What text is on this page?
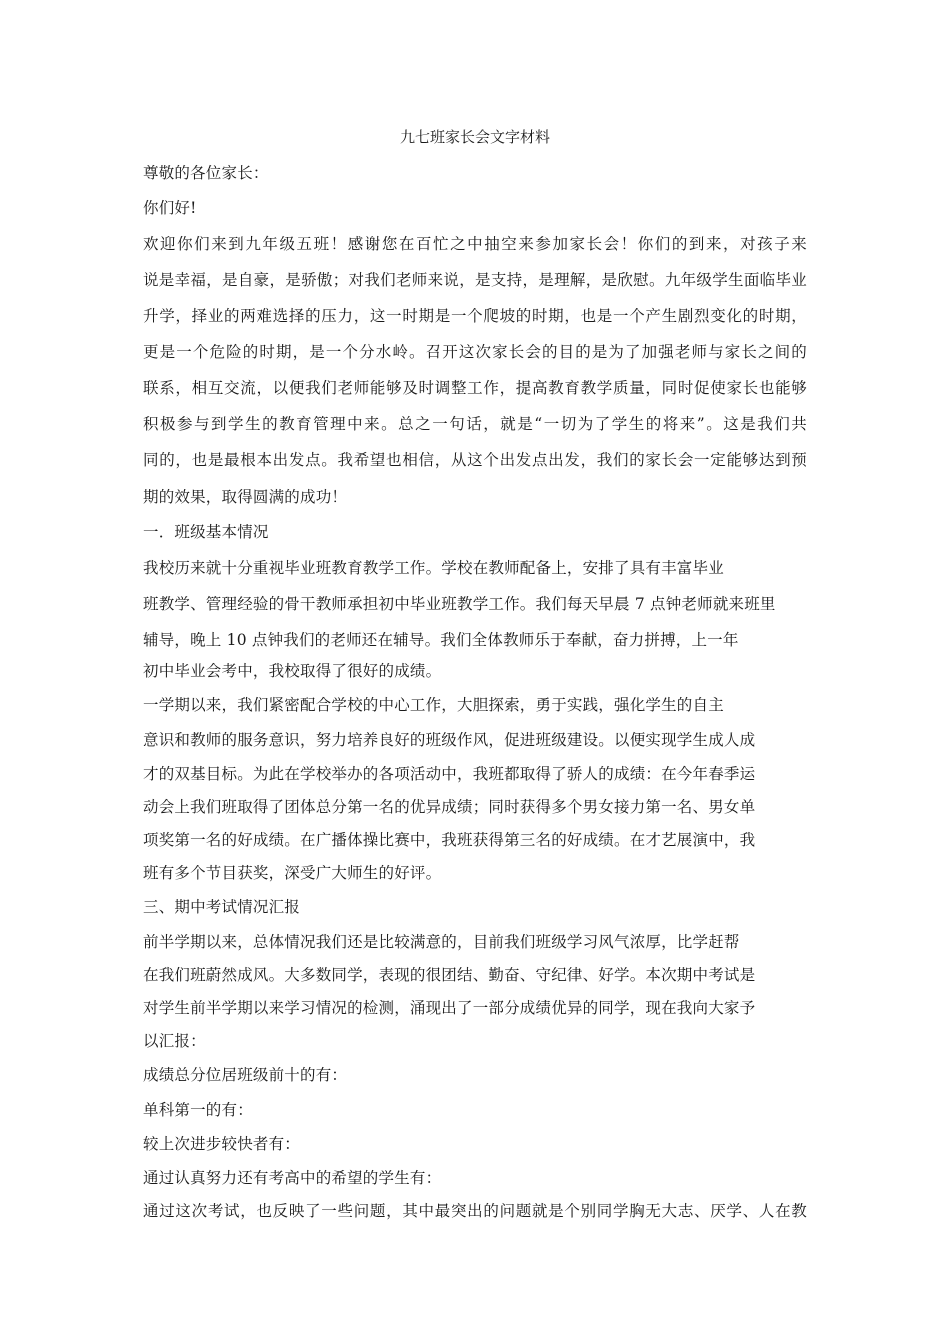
九七班家长会文字材料
尊敬的各位家长：
你们好!
欢迎你们来到九年级五班！感谢您在百忙之中抽空来参加家长会！你们的到来，对孩子来
说是幸福，是自豪，是骄傲；对我们老师来说，是支持，是理解，是欣慰。九年级学生面临毕业
升学，择业的两难选择的压力，这一时期是一个爬坡的时期，也是一个产生剧烈变化的时期，
更是一个危险的时期，是一个分水岭。召开这次家长会的目的是为了加强老师与家长之间的
联系，相互交流，以便我们老师能够及时调整工作，提高教育教学质量，同时促使家长也能够
积极参与到学生的教育管理中来。总之一句话，就是“一切为了学生的将来”。这是我们共
同的，也是最根本出发点。我希望也相信，从这个出发点出发，我们的家长会一定能够达到预
期的效果，取得圆满的成功！
一．班级基本情况
我校历来就十分重视毕业班教育教学工作。学校在教师配备上，安排了具有丰富毕业
班教学、管理经验的骨干教师承担初中毕业班教学工作。我们每天早晨 7 点钟老师就来班里
辅导，晚上 10 点钟我们的老师还在辅导。我们全体教师乐于奉献，奋力拼搏，上一年
初中毕业会考中，我校取得了很好的成绩。
一学期以来，我们紧密配合学校的中心工作，大胆探索，勇于实践，强化学生的自主
意识和教师的服务意识，努力培养良好的班级作风，促进班级建设。以便实现学生成人成
才的双基目标。为此在学校举办的各项活动中，我班都取得了骄人的成绩：在今年春季运
动会上我们班取得了团体总分第一名的优异成绩；同时获得多个男女接力第一名、男女单
项奖第一名的好成绩。在广播体操比赛中，我班获得第三名的好成绩。在才艺展演中，我
班有多个节目获奖，深受广大师生的好评。
三、期中考试情况汇报
前半学期以来，总体情况我们还是比较满意的，目前我们班级学习风气浓厚，比学赶帮
在我们班蔚然成风。大多数同学，表现的很团结、勤奋、守纪律、好学。本次期中考试是
对学生前半学期以来学习情况的检测，涌现出了一部分成绩优异的同学，现在我向大家予
以汇报：
成绩总分位居班级前十的有：
单科第一的有：
较上次进步较快者有：
通过认真努力还有考高中的希望的学生有：
通过这次考试，也反映了一些问题，其中最突出的问题就是个别同学胸无大志、厌学、人在教
